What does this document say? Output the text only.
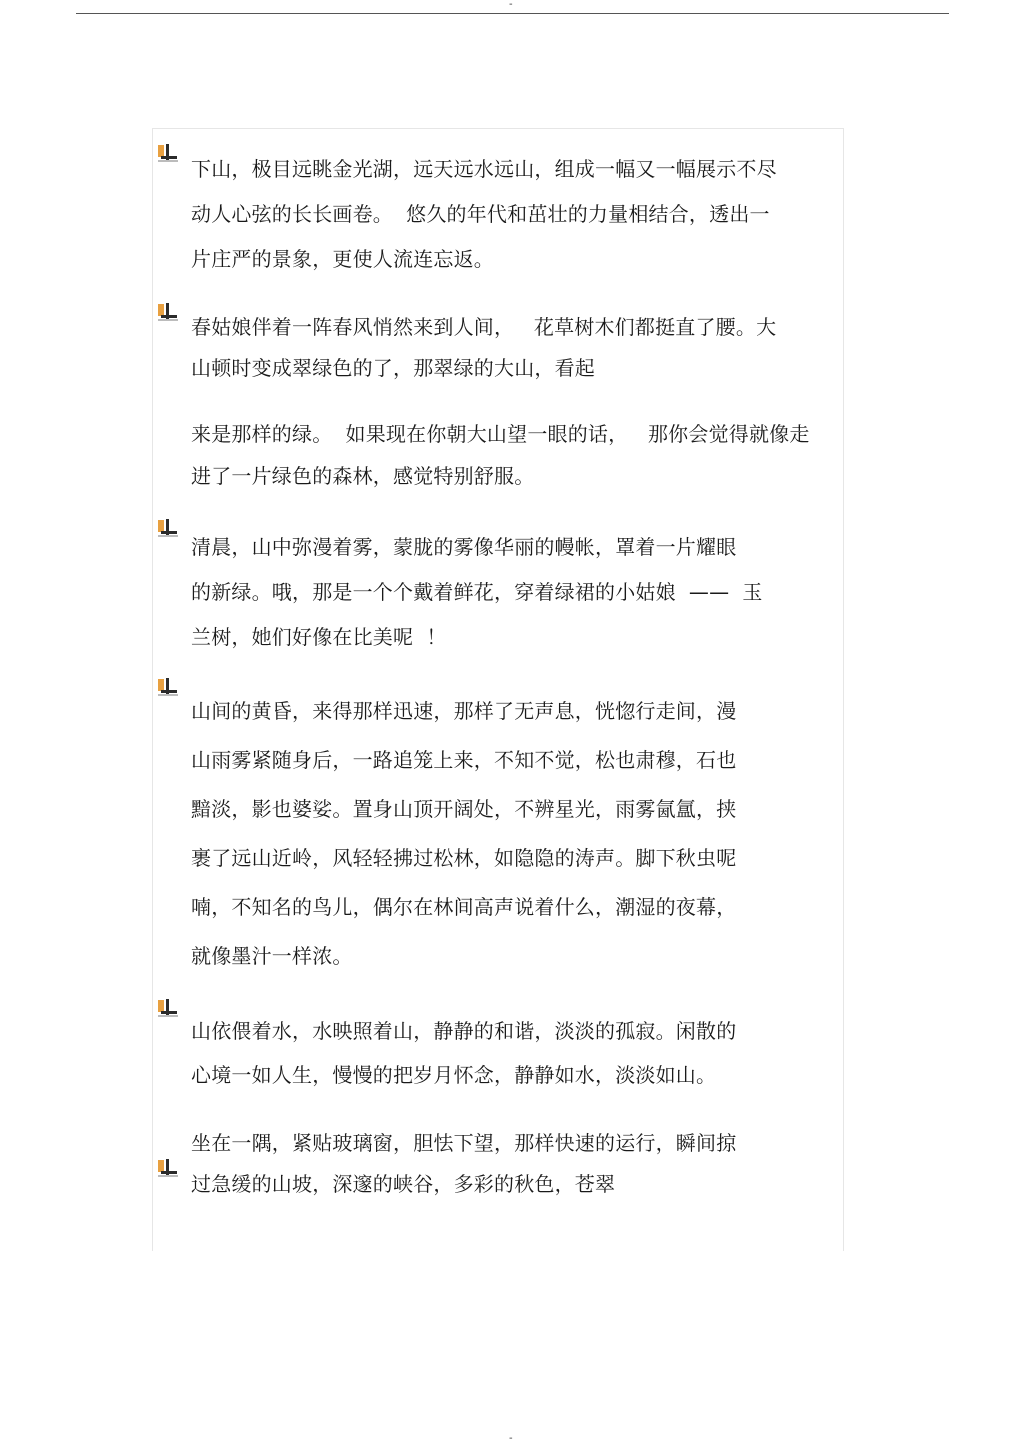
-
下山，极目远眺金光湖，远天远水远山，组成一幅又一幅展示不尽
动人心弦的长长画卷。  悠久的年代和茁壮的力量相结合，透出一
片庄严的景象，更使人流连忘返。
春姑娘伴着一阵春风悄然来到人间，   花草树木们都挺直了腰。大
山顿时变成翠绿色的了，那翠绿的大山，看起
来是那样的绿。  如果现在你朝大山望一眼的话，   那你会觉得就像走
进了一片绿色的森林，感觉特别舒服。
清晨，山中弥漫着雾，蒙胧的雾像华丽的幔帐，罩着一片耀眼
的新绿。哦，那是一个个戴着鲜花，穿着绿裙的小姑娘  ——  玉
兰树，她们好像在比美呢  ！
山间的黄昏，来得那样迅速，那样了无声息，恍惚行走间，漫
山雨雾紧随身后，一路追笼上来，不知不觉，松也肃穆，石也
黯淡，影也婆娑。置身山顶开阔处，不辨星光，雨雾氤氲，挟
裹了远山近岭，风轻轻拂过松林，如隐隐的涛声。脚下秋虫呢
喃，不知名的鸟儿，偶尔在林间高声说着什么，潮湿的夜幕，
就像墨汁一样浓。
山依偎着水，水映照着山，静静的和谐，淡淡的孤寂。闲散的
心境一如人生，慢慢的把岁月怀念，静静如水，淡淡如山。
坐在一隅，紧贴玻璃窗，胆怯下望，那样快速的运行，瞬间掠
过急缓的山坡，深邃的峡谷，多彩的秋色，苍翠
-
